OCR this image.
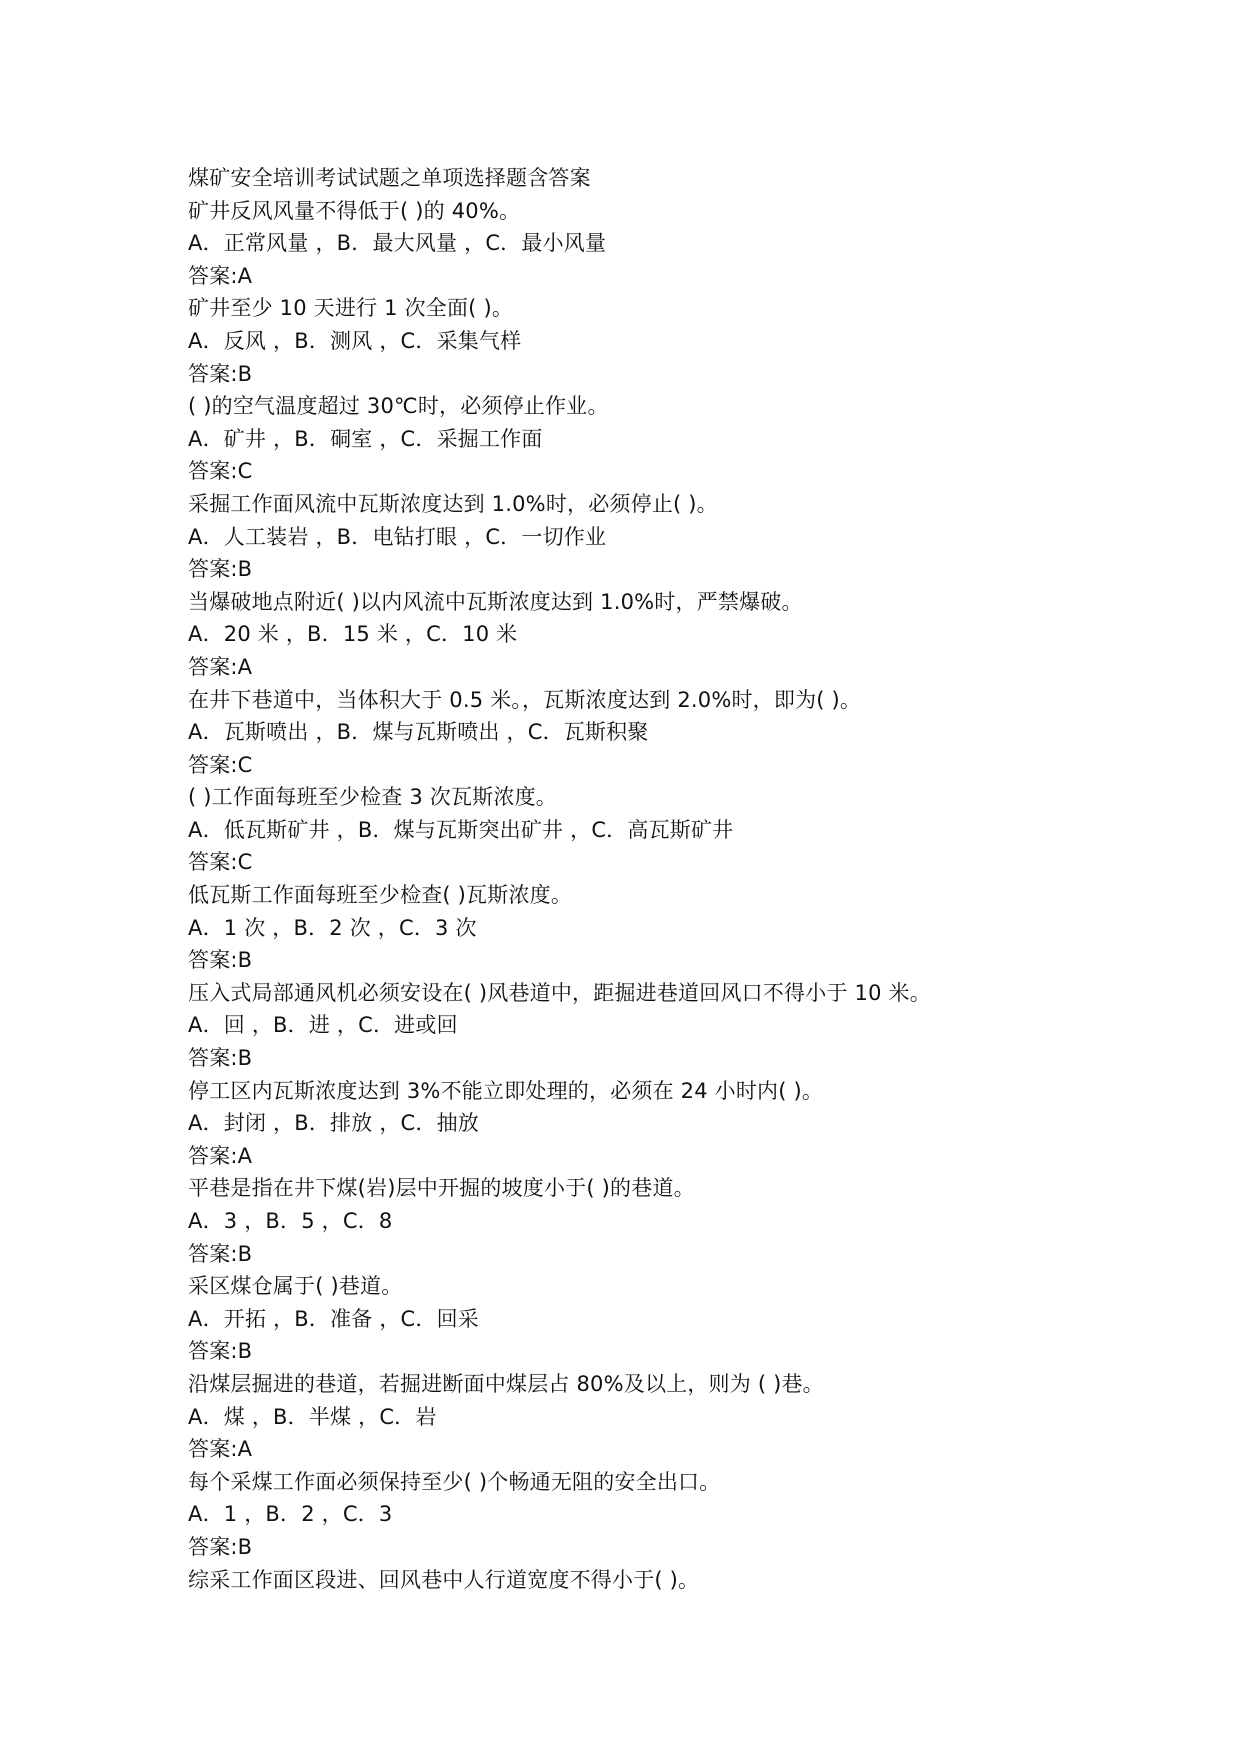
煤矿安全培训考试试题之单项选择题含答案
矿井反风风量不得低于( )的 40%。
A．正常风量 ，B．最大风量 ，C．最小风量
答案:A
矿井至少 10 天进行 1 次全面( )。
A．反风 ，B．测风 ，C．采集气样
答案:B
( )的空气温度超过 30℃时，必须停止作业。
A．矿井 ，B．硐室 ，C．采掘工作面
答案:C
采掘工作面风流中瓦斯浓度达到 1.0%时，必须停止( )。
A．人工装岩 ，B．电钻打眼 ，C．一切作业
答案:B
当爆破地点附近( )以内风流中瓦斯浓度达到 1.0%时，严禁爆破。
A．20 米 ，B．15 米 ，C．10 米
答案:A
在井下巷道中，当体积大于 0.5 米。，瓦斯浓度达到 2.0%时，即为( )。
A．瓦斯喷出 ，B．煤与瓦斯喷出 ，C．瓦斯积聚
答案:C
( )工作面每班至少检查 3 次瓦斯浓度。
A．低瓦斯矿井 ，B．煤与瓦斯突出矿井 ，C．高瓦斯矿井
答案:C
低瓦斯工作面每班至少检查( )瓦斯浓度。
A．1 次 ，B．2 次 ，C．3 次
答案:B
压入式局部通风机必须安设在( )风巷道中，距掘进巷道回风口不得小于 10 米。
A．回 ，B．进 ，C．进或回
答案:B
停工区内瓦斯浓度达到 3%不能立即处理的，必须在 24 小时内( )。
A．封闭 ，B．排放 ，C．抽放
答案:A
平巷是指在井下煤(岩)层中开掘的坡度小于( )的巷道。
A．3 ，B．5 ，C．8
答案:B
采区煤仓属于( )巷道。
A．开拓 ，B．准备 ，C．回采
答案:B
沿煤层掘进的巷道，若掘进断面中煤层占 80%及以上，则为 ( )巷。
A．煤 ，B．半煤 ，C．岩
答案:A
每个采煤工作面必须保持至少( )个畅通无阻的安全出口。
A．1 ，B．2 ，C．3
答案:B
综采工作面区段进、回风巷中人行道宽度不得小于( )。
